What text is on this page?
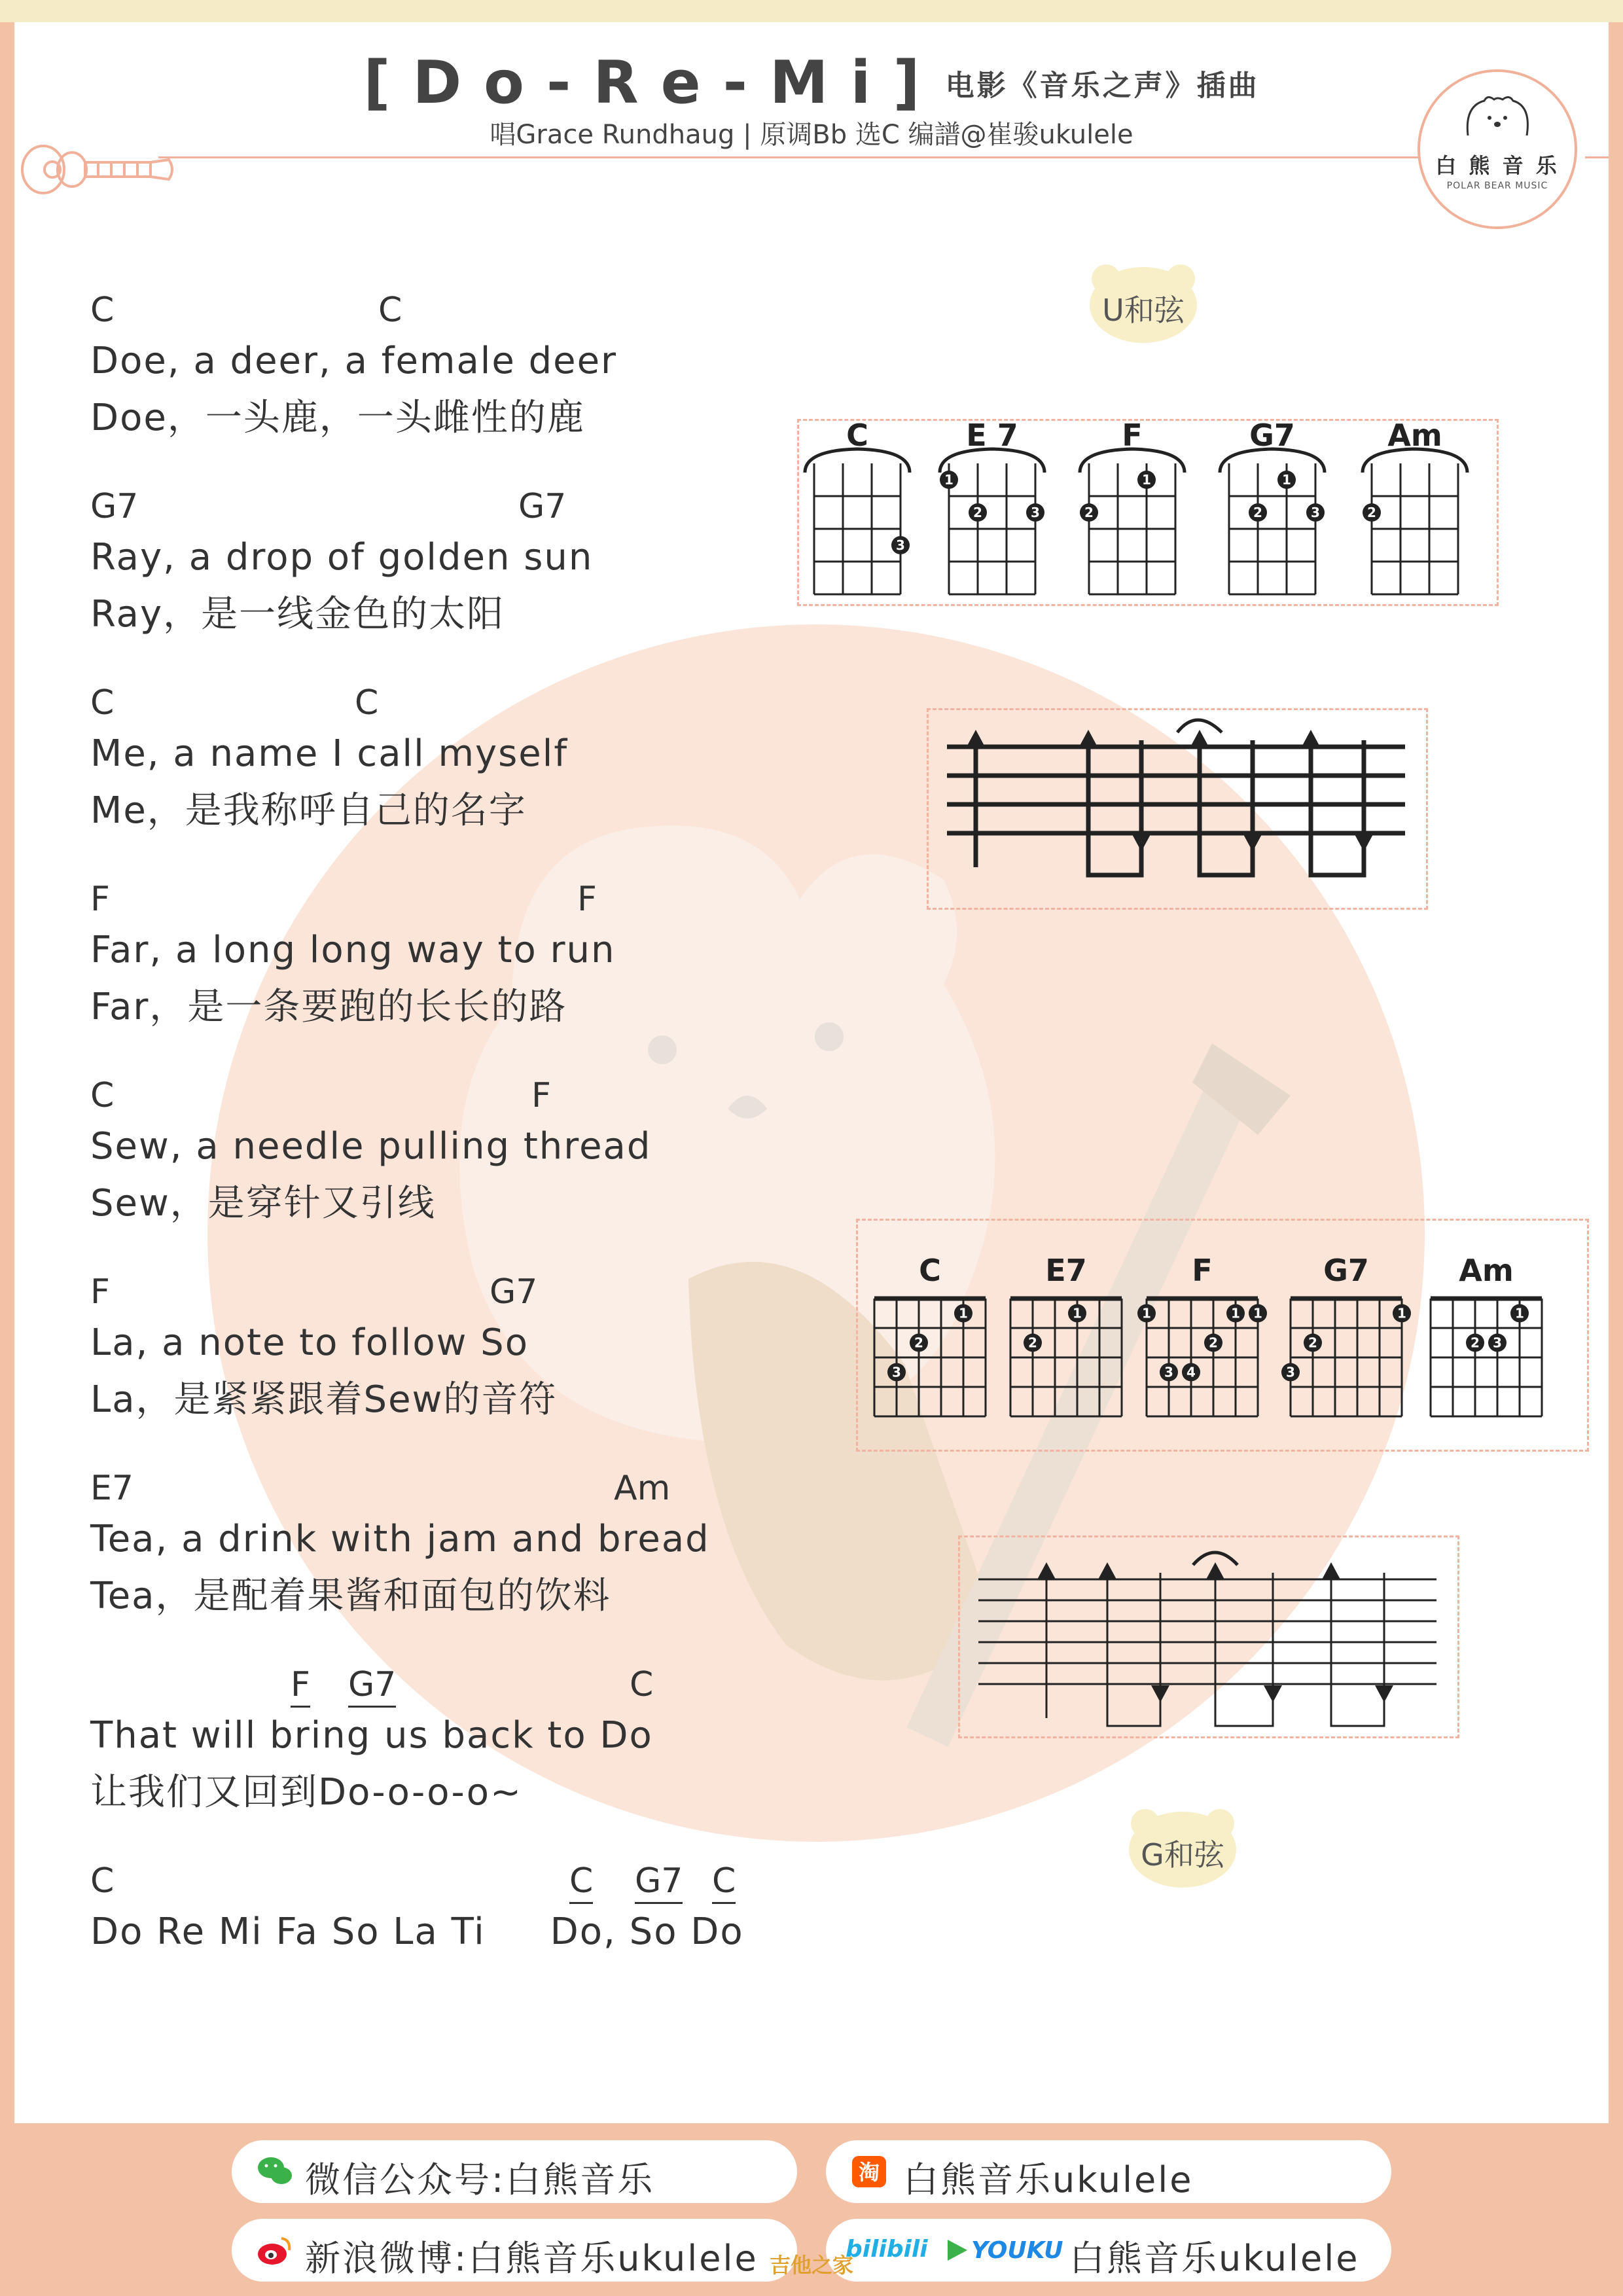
[Do-Re-Mi] 电影《音乐之声》插曲
唱Grace Rundhaug | 原调Bb 选C 编譜@崔骏ukulele
白 熊 音 乐
POLAR BEAR MUSIC
C	C
Doe, a deer, a female deer
Doe，一头鹿，一头雌性的鹿
G7	G7
Ray, a drop of golden sun
Ray，是一线金色的太阳
C	C
Me, a name I call myself
Me，是我称呼自己的名字
F	F
Far, a long long way to run
Far，是一条要跑的长长的路
C	F
Sew, a needle pulling thread
Sew，是穿针又引线
F	G7
La, a note to follow So
La，是紧紧跟着Sew的音符
E7	Am
Tea, a drink with jam and bread
Tea，是配着果酱和面包的饮料
F G7	C
That will bring us back to Do
让我们又回到Do-o-o-o~
C	C G7 C
Do Re Mi Fa So La Ti     Do, So Do
U和弦
C
3
E 7
1
2	3
F
2
1
G7
2
1
3
Am
2
C
1
2
3
E7
1
2
F
1	1 1
2
3 4
G7
1
2
3
Am
1
2 3
G和弦
微信公众号:白熊音乐	淘 白熊音乐ukulele
新浪微博:白熊音乐ukulele	bilibili YOUKU 白熊音乐ukulele
吉他之家
